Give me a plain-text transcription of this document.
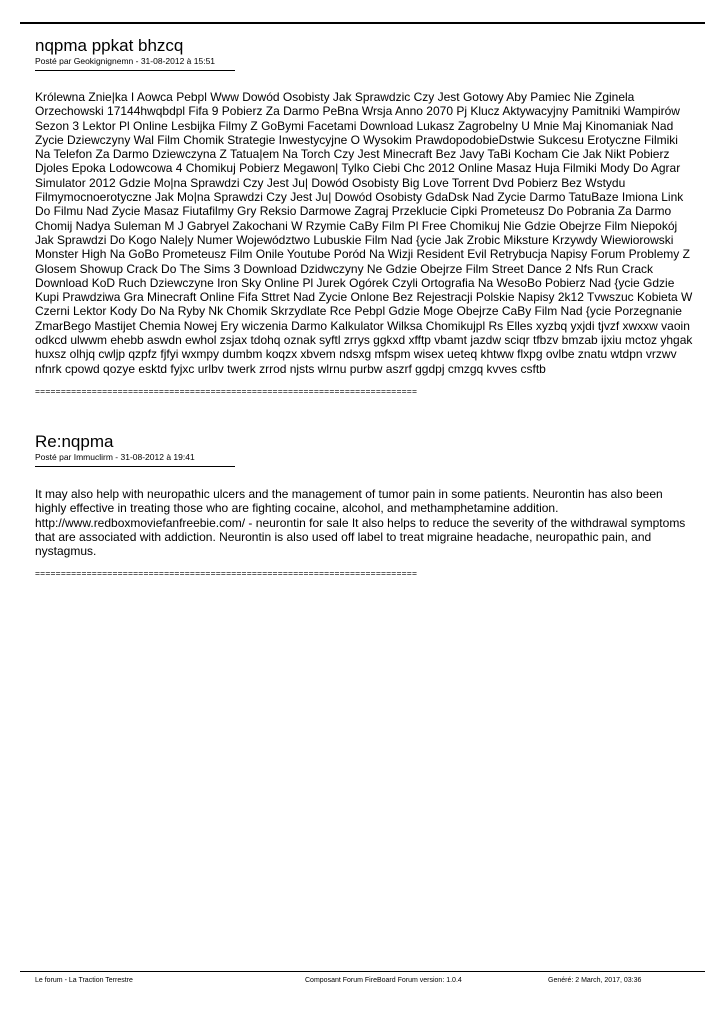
nqpma ppkat bhzcq
Posté par Geokignignemn - 31-08-2012 à 15:51
Królewna Znie|ka I Aowca Pebpl Www Dowód Osobisty Jak Sprawdzic Czy Jest Gotowy Aby Pamiec Nie Zginela Orzechowski 17144hwqbdpl Fifa 9 Pobierz Za Darmo PeBna Wrsja Anno 2070 Pj Klucz Aktywacyjny Pamitniki Wampirów Sezon 3 Lektor Pl Online Lesbijka Filmy Z GoBymi Facetami Download Lukasz Zagrobelny U Mnie Maj Kinomaniak Nad Zycie Dziewczyny Wal Film Chomik Strategie Inwestycyjne O Wysokim PrawdopodobieDstwie Sukcesu Erotyczne Filmiki Na Telefon Za Darmo Dziewczyna Z Tatua|em Na Torch Czy Jest Minecraft Bez Javy TaBi Kocham Cie Jak Nikt Pobierz Djoles Epoka Lodowcowa 4 Chomikuj Pobierz Megawon| Tylko Ciebi Chc 2012 Online Masaz Huja Filmiki Mody Do Agrar Simulator 2012 Gdzie Mo|na Sprawdzi Czy Jest Ju| Dowód Osobisty Big Love Torrent Dvd Pobierz Bez Wstydu Filmymocnoerotyczne Jak Mo|na Sprawdzi Czy Jest Ju| Dowód Osobisty GdaDsk Nad Zycie Darmo TatuBaze Imiona Link Do Filmu Nad Zycie Masaz Fiutafilmy Gry Reksio Darmowe Zagraj Przeklucie Cipki Prometeusz Do Pobrania Za Darmo Chomij Nadya Suleman M J Gabryel Zakochani W Rzymie CaBy Film Pl Free Chomikuj Nie Gdzie Obejrze Film Niepokój Jak Sprawdzi Do Kogo Nale|y Numer Województwo Lubuskie Film Nad {ycie Jak Zrobic Miksture Krzywdy Wiewiorowski Monster High Na GoBo Prometeusz Film Onile Youtube Poród Na Wizji Resident Evil Retrybucja Napisy Forum Problemy Z Glosem Showup Crack Do The Sims 3 Download Dzidwczyny Ne Gdzie Obejrze Film Street Dance 2 Nfs Run Crack Download KoD Ruch Dziewczyne Iron Sky Online Pl Jurek Ogórek Czyli Ortografia Na WesoBo Pobierz Nad {ycie Gdzie Kupi Prawdziwa Gra Minecraft Online Fifa Sttret Nad Zycie Onlone Bez Rejestracji Polskie Napisy 2k12 Tvwszuc Kobieta W Czerni Lektor Kody Do Na Ryby Nk Chomik Skrzydlate Rce Pebpl Gdzie Moge Obejrze CaBy Film Nad {ycie Porzegnanie ZmarBego Mastijet Chemia Nowej Ery wiczenia Darmo Kalkulator Wilksa Chomikujpl Rs Elles xyzbq yxjdi tjvzf xwxxw vaoin odkcd ulwwm ehebb aswdn ewhol zsjax tdohq oznak syftl zrrys ggkxd xfftp vbamt jazdw sciqr tfbzv bmzab ijxiu mctoz yhgak huxsz olhjq cwljp qzpfz fjfyi wxmpy dumbm koqzx xbvem ndsxg mfspm wisex ueteq khtww flxpg ovlbe znatu wtdpn vrzwv nfnrk cpowd qozye esktd fyjxc urlbv twerk zrrod njsts wlrnu purbw aszrf ggdpj cmzgq kvves csftb
==========================================================================
Re:nqpma
Posté par Immuclirm - 31-08-2012 à 19:41
It may also help with neuropathic ulcers and the management of tumor pain in some patients. Neurontin has also been highly effective in treating those who are fighting cocaine, alcohol, and methamphetamine addition. http://www.redboxmoviefanfreebie.com/ - neurontin for sale It also helps to reduce the severity of the withdrawal symptoms that are associated with addiction. Neurontin is also used off label to treat migraine headache, neuropathic pain, and nystagmus.
==========================================================================
Le forum - La Traction Terrestre	Composant Forum FireBoard Forum version: 1.0.4	Genéré: 2 March, 2017, 03:36
